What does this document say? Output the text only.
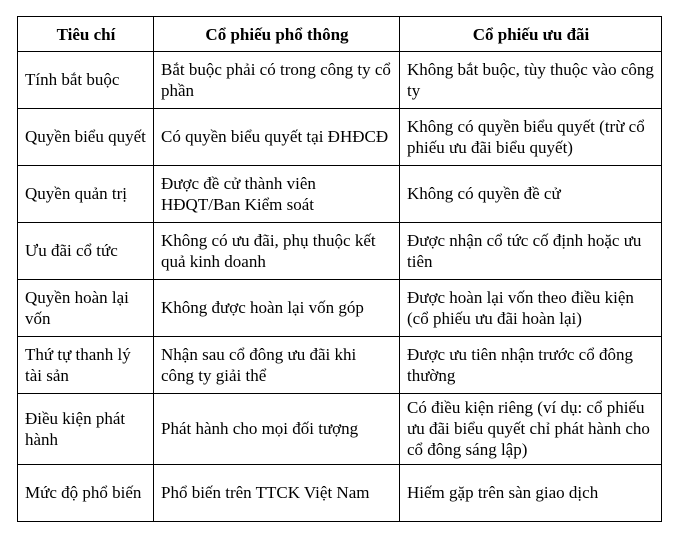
Tiêu chí	Cổ phiếu phổ thông	Cổ phiếu ưu đãi
Tính bắt buộc	Bắt buộc phải có trong công ty cổ phần	Không bắt buộc, tùy thuộc vào công ty
Quyền biểu quyết	Có quyền biểu quyết tại ĐHĐCĐ	Không có quyền biểu quyết (trừ cổ phiếu ưu đãi biểu quyết)
Quyền quản trị	Được đề cử thành viên HĐQT/Ban Kiểm soát	Không có quyền đề cử
Ưu đãi cổ tức	Không có ưu đãi, phụ thuộc kết quả kinh doanh	Được nhận cổ tức cố định hoặc ưu tiên
Quyền hoàn lại vốn	Không được hoàn lại vốn góp	Được hoàn lại vốn theo điều kiện (cổ phiếu ưu đãi hoàn lại)
Thứ tự thanh lý tài sản	Nhận sau cổ đông ưu đãi khi công ty giải thể	Được ưu tiên nhận trước cổ đông thường
Điều kiện phát hành	Phát hành cho mọi đối tượng	Có điều kiện riêng (ví dụ: cổ phiếu ưu đãi biểu quyết chỉ phát hành cho cổ đông sáng lập)
Mức độ phổ biến	Phổ biến trên TTCK Việt Nam	Hiếm gặp trên sàn giao dịch
